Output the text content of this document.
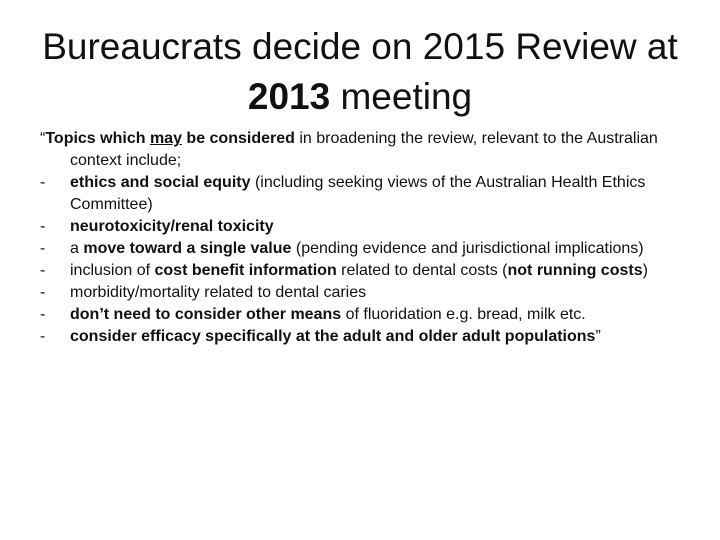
Bureaucrats decide on 2015 Review at
2013 meeting

“Topics which may be considered in broadening the review, relevant to the Australian context include;

- ethics and social equity (including seeking views of the Australian Health Ethics Committee)
- neurotoxicity/renal toxicity
- a move toward a single value (pending evidence and jurisdictional implications)
- inclusion of cost benefit information related to dental costs (not running costs)
- morbidity/mortality related to dental caries
- don’t need to consider other means of fluoridation e.g. bread, milk etc.
- consider efficacy specifically at the adult and older adult populations”
